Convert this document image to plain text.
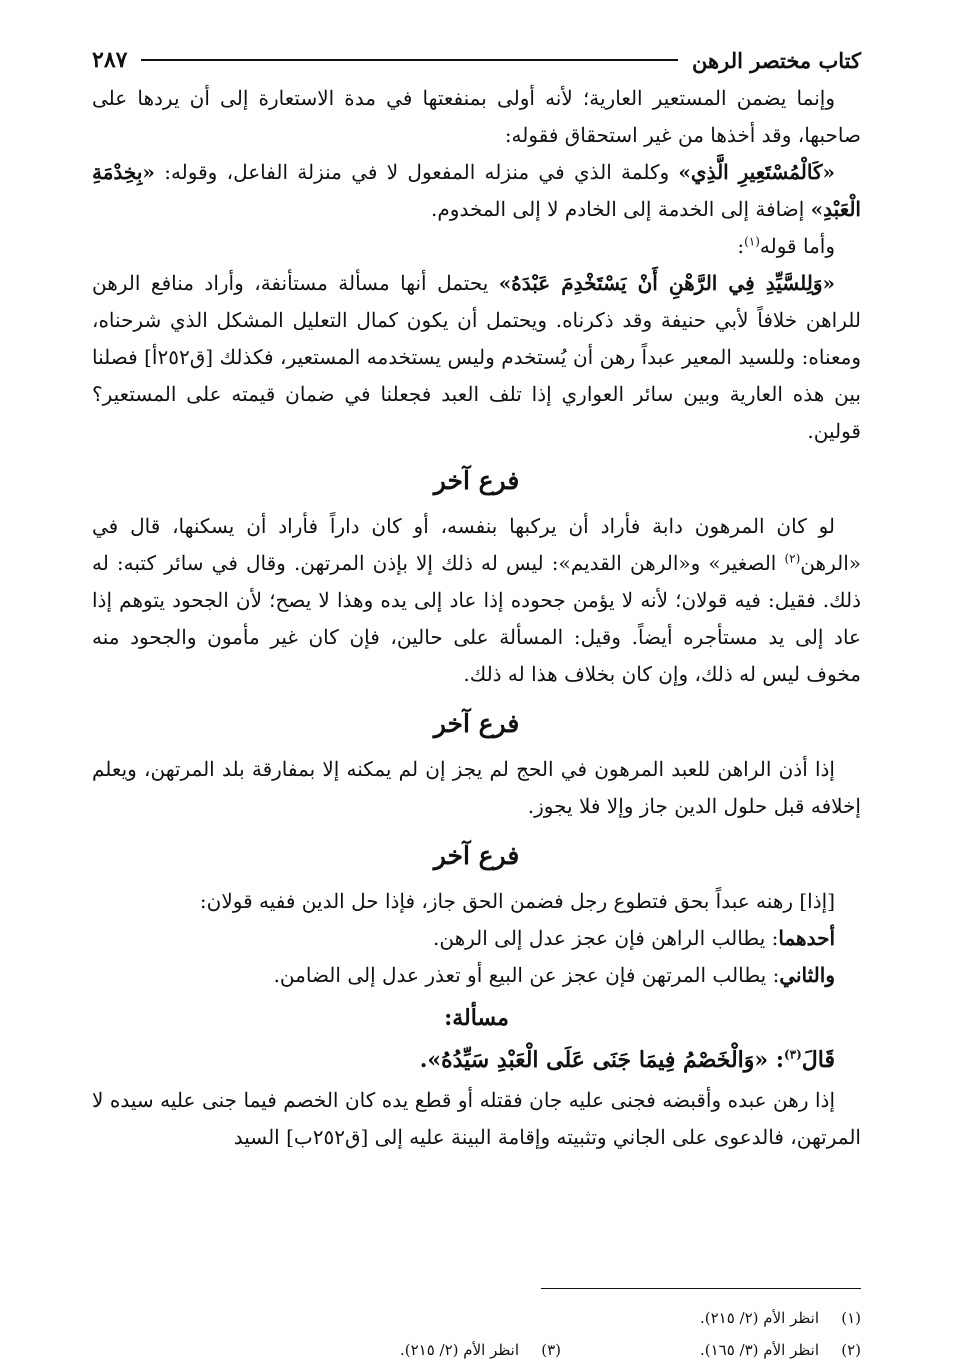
كتاب مختصر الرهن
٢٨٧

وإنما يضمن المستعير العارية؛ لأنه أولى بمنفعتها في مدة الاستعارة إلى أن يردها على صاحبها، وقد أخذها من غير استحقاق فقوله:

«كَالْمُسْتَعِيرِ الَّذِي» وكلمة الذي في منزله المفعول لا في منزلة الفاعل، وقوله: «بِخِدْمَةِ الْعَبْدِ» إضافة إلى الخدمة إلى الخادم لا إلى المخدوم.

وأما قوله$^{(١)}$:

«وَلِلسَّيِّدِ فِي الرَّهْنِ أَنْ يَسْتَخْدِمَ عَبْدَهُ» يحتمل أنها مسألة مستأنفة، وأراد منافع الرهن للراهن خلافاً لأبي حنيفة وقد ذكرناه. ويحتمل أن يكون كمال التعليل المشكل الذي شرحناه، ومعناه: وللسيد المعير عبداً رهن أن يُستخدم وليس يستخدمه المستعير، فكذلك [ق٢٥٢أ] فصلنا بين هذه العارية وبين سائر العواري إذا تلف العبد فجعلنا في ضمان قيمته على المستعير؟ قولين.

فرع آخر

لو كان المرهون دابة فأراد أن يركبها بنفسه، أو كان داراً فأراد أن يسكنها، قال في «الرهن$^{(٢)}$ الصغير» و«الرهن القديم»: ليس له ذلك إلا بإذن المرتهن. وقال في سائر كتبه: له ذلك. فقيل: فيه قولان؛ لأنه لا يؤمن جحوده إذا عاد إلى يده وهذا لا يصح؛ لأن الجحود يتوهم إذا عاد إلى يد مستأجره أيضاً. وقيل: المسألة على حالين، فإن كان غير مأمون والجحود منه مخوف ليس له ذلك، وإن كان بخلاف هذا له ذلك.

فرع آخر

إذا أذن الراهن للعبد المرهون في الحج لم يجز إن لم يمكنه إلا بمفارقة بلد المرتهن، ويعلم إخلافه قبل حلول الدين جاز وإلا فلا يجوز.

فرع آخر

[إذا] رهنه عبداً بحق فتطوع رجل فضمن الحق جاز، فإذا حل الدين ففيه قولان:

أحدهما: يطالب الراهن فإن عجز عدل إلى الرهن.

والثاني: يطالب المرتهن فإن عجز عن البيع أو تعذر عدل إلى الضامن.

مسألة:

قَالَ$^{(٣)}$: «وَالْخَصْمُ فِيمَا جَنَى عَلَى الْعَبْدِ سَيِّدُهُ».

إذا رهن عبده وأقبضه فجنى عليه جان فقتله أو قطع يده كان الخصم فيما جنى عليه سيده لا المرتهن، فالدعوى على الجاني وتثبيته وإقامة البينة عليه إلى [ق٢٥٢ب] السيد

(١)
انظر الأم (٢/ ٢١٥).
(٢)
انظر الأم (٣/ ١٦٥).
(٣)
انظر الأم (٢/ ٢١٥).
